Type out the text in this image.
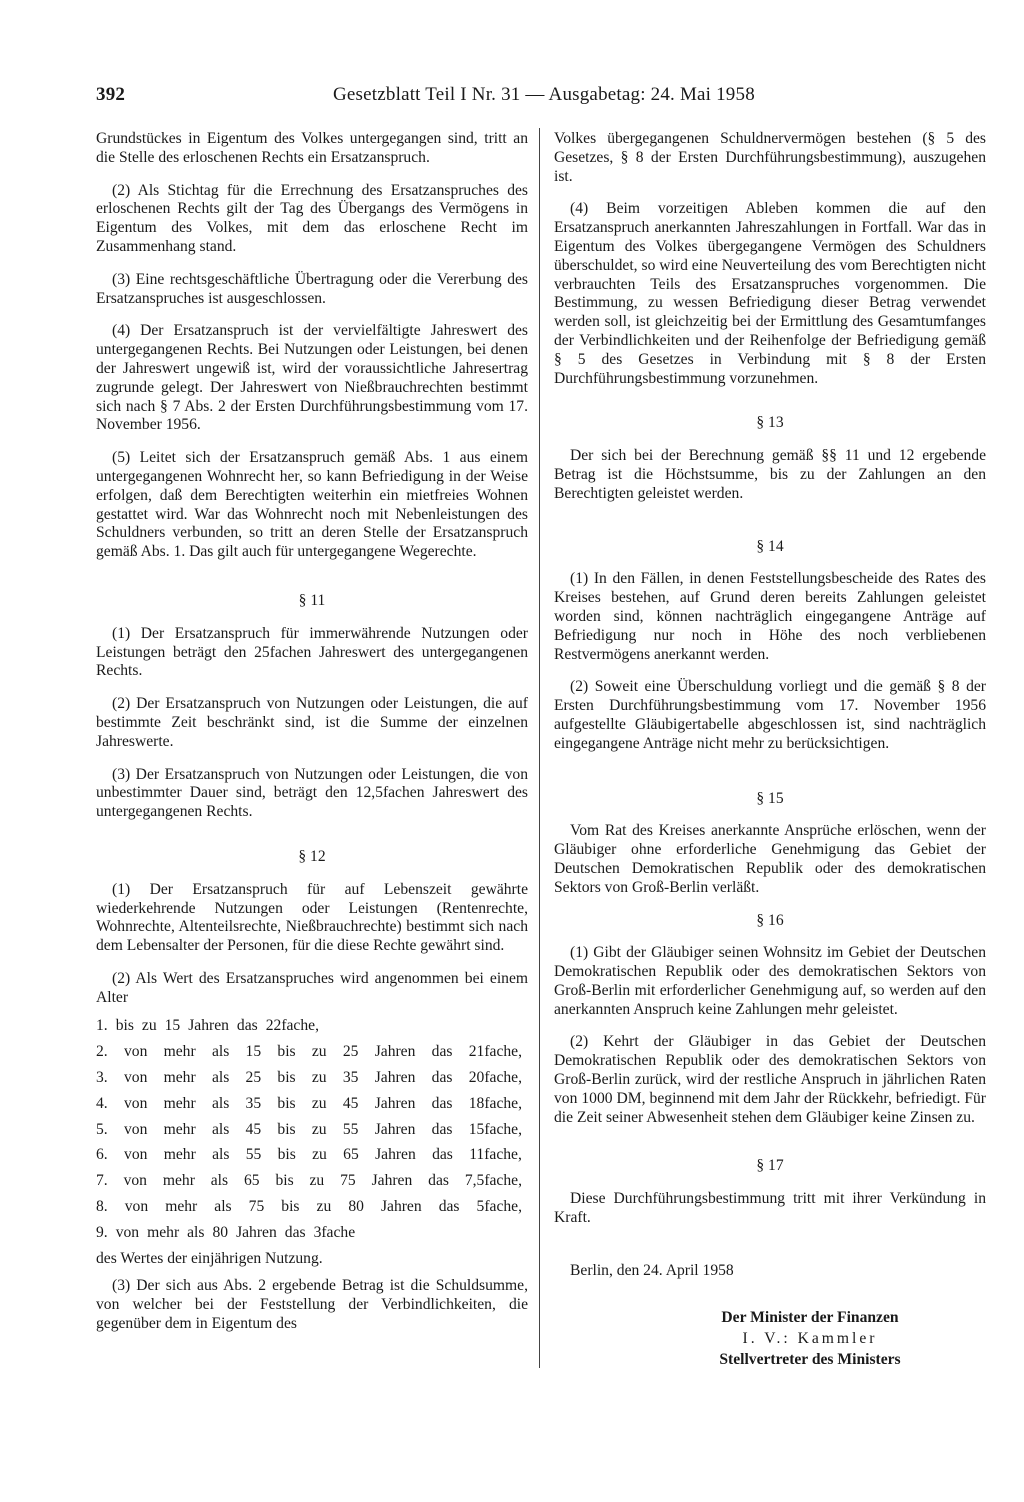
392	Gesetzblatt Teil I Nr. 31 — Ausgabetag: 24. Mai 1958

Grundstückes in Eigentum des Volkes untergegangen sind, tritt an die Stelle des erloschenen Rechts ein Ersatzanspruch.

(2) Als Stichtag für die Errechnung des Ersatzanspruches des erloschenen Rechts gilt der Tag des Übergangs des Vermögens in Eigentum des Volkes, mit dem das erloschene Recht im Zusammenhang stand.

(3) Eine rechtsgeschäftliche Übertragung oder die Vererbung des Ersatzanspruches ist ausgeschlossen.

(4) Der Ersatzanspruch ist der vervielfältigte Jahreswert des untergegangenen Rechts. Bei Nutzungen oder Leistungen, bei denen der Jahreswert ungewiß ist, wird der voraussichtliche Jahresertrag zugrunde gelegt. Der Jahreswert von Nießbrauchrechten bestimmt sich nach § 7 Abs. 2 der Ersten Durchführungsbestimmung vom 17. November 1956.

(5) Leitet sich der Ersatzanspruch gemäß Abs. 1 aus einem untergegangenen Wohnrecht her, so kann Befriedigung in der Weise erfolgen, daß dem Berechtigten weiterhin ein mietfreies Wohnen gestattet wird. War das Wohnrecht noch mit Nebenleistungen des Schuldners verbunden, so tritt an deren Stelle der Ersatzanspruch gemäß Abs. 1. Das gilt auch für untergegangene Wegerechte.

§ 11

(1) Der Ersatzanspruch für immerwährende Nutzungen oder Leistungen beträgt den 25fachen Jahreswert des untergegangenen Rechts.

(2) Der Ersatzanspruch von Nutzungen oder Leistungen, die auf bestimmte Zeit beschränkt sind, ist die Summe der einzelnen Jahreswerte.

(3) Der Ersatzanspruch von Nutzungen oder Leistungen, die von unbestimmter Dauer sind, beträgt den 12,5fachen Jahreswert des untergegangenen Rechts.

§ 12

(1) Der Ersatzanspruch für auf Lebenszeit gewährte wiederkehrende Nutzungen oder Leistungen (Rentenrechte, Wohnrechte, Altenteilsrechte, Nießbrauchrechte) bestimmt sich nach dem Lebensalter der Personen, für die diese Rechte gewährt sind.

(2) Als Wert des Ersatzanspruches wird angenommen bei einem Alter

1. bis zu 15 Jahren das 22fache,
2. von mehr als 15 bis zu 25 Jahren das 21fache,
3. von mehr als 25 bis zu 35 Jahren das 20fache,
4. von mehr als 35 bis zu 45 Jahren das 18fache,
5. von mehr als 45 bis zu 55 Jahren das 15fache,
6. von mehr als 55 bis zu 65 Jahren das 11fache,
7. von mehr als 65 bis zu 75 Jahren das 7,5fache,
8. von mehr als 75 bis zu 80 Jahren das 5fache,
9. von mehr als 80 Jahren das 3fache
des Wertes der einjährigen Nutzung.

(3) Der sich aus Abs. 2 ergebende Betrag ist die Schuldsumme, von welcher bei der Feststellung der Verbindlichkeiten, die gegenüber dem in Eigentum des

Volkes übergegangenen Schuldnervermögen bestehen (§ 5 des Gesetzes, § 8 der Ersten Durchführungsbestimmung), auszugehen ist.

(4) Beim vorzeitigen Ableben kommen die auf den Ersatzanspruch anerkannten Jahreszahlungen in Fortfall. War das in Eigentum des Volkes übergegangene Vermögen des Schuldners überschuldet, so wird eine Neuverteilung des vom Berechtigten nicht verbrauchten Teils des Ersatzanspruches vorgenommen. Die Bestimmung, zu wessen Befriedigung dieser Betrag verwendet werden soll, ist gleichzeitig bei der Ermittlung des Gesamtumfanges der Verbindlichkeiten und der Reihenfolge der Befriedigung gemäß § 5 des Gesetzes in Verbindung mit § 8 der Ersten Durchführungsbestimmung vorzunehmen.

§ 13

Der sich bei der Berechnung gemäß §§ 11 und 12 ergebende Betrag ist die Höchstsumme, bis zu der Zahlungen an den Berechtigten geleistet werden.

§ 14

(1) In den Fällen, in denen Feststellungsbescheide des Rates des Kreises bestehen, auf Grund deren bereits Zahlungen geleistet worden sind, können nachträglich eingegangene Anträge auf Befriedigung nur noch in Höhe des noch verbliebenen Restvermögens anerkannt werden.

(2) Soweit eine Überschuldung vorliegt und die gemäß § 8 der Ersten Durchführungsbestimmung vom 17. November 1956 aufgestellte Gläubigertabelle abgeschlossen ist, sind nachträglich eingegangene Anträge nicht mehr zu berücksichtigen.

§ 15

Vom Rat des Kreises anerkannte Ansprüche erlöschen, wenn der Gläubiger ohne erforderliche Genehmigung das Gebiet der Deutschen Demokratischen Republik oder des demokratischen Sektors von Groß-Berlin verläßt.

§ 16

(1) Gibt der Gläubiger seinen Wohnsitz im Gebiet der Deutschen Demokratischen Republik oder des demokratischen Sektors von Groß-Berlin mit erforderlicher Genehmigung auf, so werden auf den anerkannten Anspruch keine Zahlungen mehr geleistet.

(2) Kehrt der Gläubiger in das Gebiet der Deutschen Demokratischen Republik oder des demokratischen Sektors von Groß-Berlin zurück, wird der restliche Anspruch in jährlichen Raten von 1000 DM, beginnend mit dem Jahr der Rückkehr, befriedigt. Für die Zeit seiner Abwesenheit stehen dem Gläubiger keine Zinsen zu.

§ 17

Diese Durchführungsbestimmung tritt mit ihrer Verkündung in Kraft.

Berlin, den 24. April 1958
Der Minister der Finanzen
I. V.: Kammler
Stellvertreter des Ministers
